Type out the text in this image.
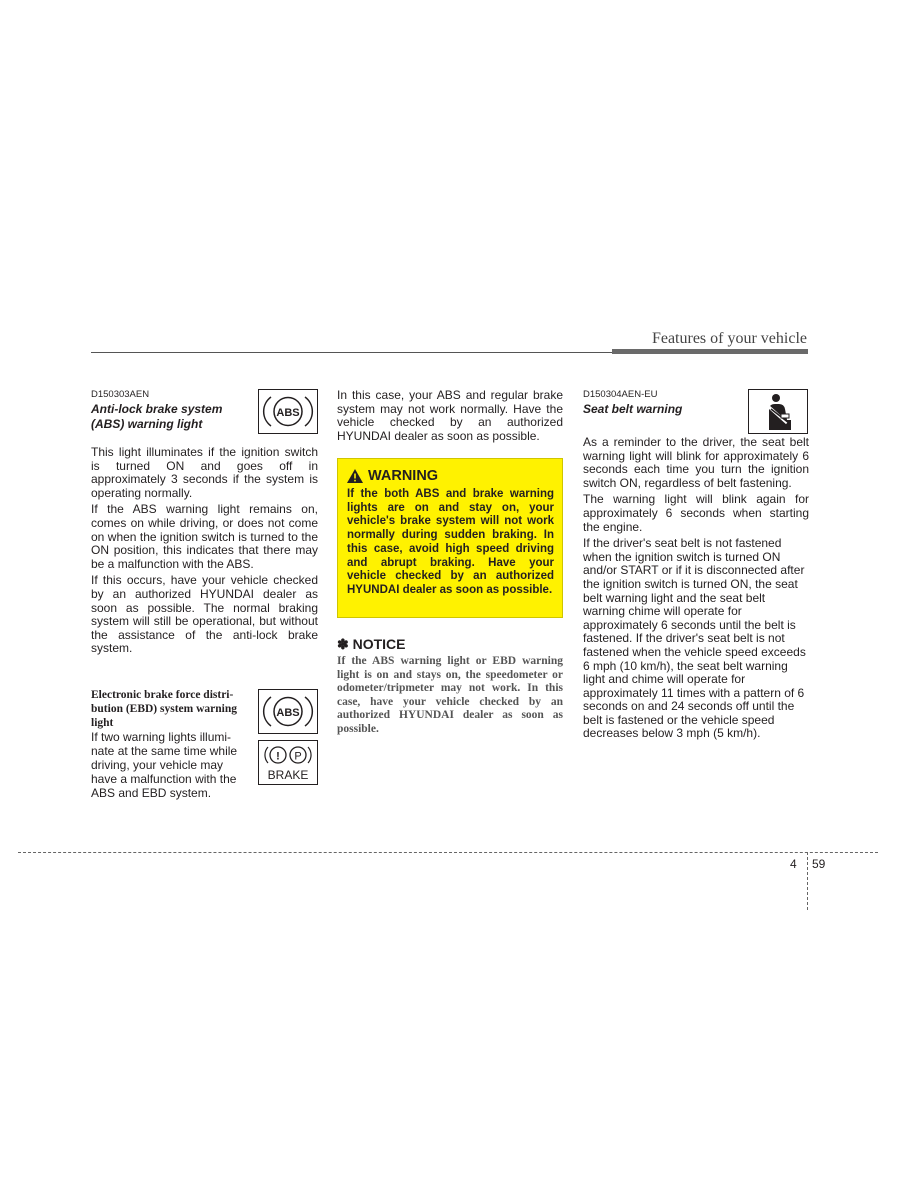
Features of your vehicle
D150303AEN
Anti-lock brake system
(ABS) warning light
ABS

This light illuminates if the ignition switch is turned ON and goes off in approximately 3 seconds if the system is operating normally.

If the ABS warning light remains on, comes on while driving, or does not come on when the ignition switch is turned to the ON position, this indicates that there may be a malfunction with the ABS.

If this occurs, have your vehicle checked by an authorized HYUNDAI dealer as soon as possible. The normal braking system will still be operational, but without the assistance of the anti-lock brake system.

Electronic brake force distri-
bution (EBD) system warning
light
If two warning lights illumi-
nate at the same time while
driving, your vehicle may
have a malfunction with the
ABS and EBD system.
ABS
! P
BRAKE

In this case, your ABS and regular brake system may not work normally. Have the vehicle checked by an authorized HYUNDAI dealer as soon as possible.

WARNING
If the both ABS and brake warning lights are on and stay on, your vehicle's brake system will not work normally during sudden braking. In this case, avoid high speed driving and abrupt braking. Have your vehicle checked by an authorized HYUNDAI dealer as soon as possible.
✽ NOTICE
If the ABS warning light or EBD warning light is on and stays on, the speedometer or odometer/tripmeter may not work. In this case, have your vehicle checked by an authorized HYUNDAI dealer as soon as possible.
D150304AEN-EU
Seat belt warning

As a reminder to the driver, the seat belt warning light will blink for approximately 6 seconds each time you turn the ignition switch ON, regardless of belt fastening.

The warning light will blink again for approximately 6 seconds when starting the engine.

If the driver's seat belt is not fastened when the ignition switch is turned ON and/or START or if it is disconnected after the ignition switch is turned ON, the seat belt warning light and the seat belt warning chime will operate for approximately 6 seconds until the belt is fastened. If the driver's seat belt is not fastened when the vehicle speed exceeds 6 mph (10 km/h), the seat belt warning light and chime will operate for approximately 11 times with a pattern of 6 seconds on and 24 seconds off until the belt is fastened or the vehicle speed decreases below 3 mph (5 km/h).

4 59
